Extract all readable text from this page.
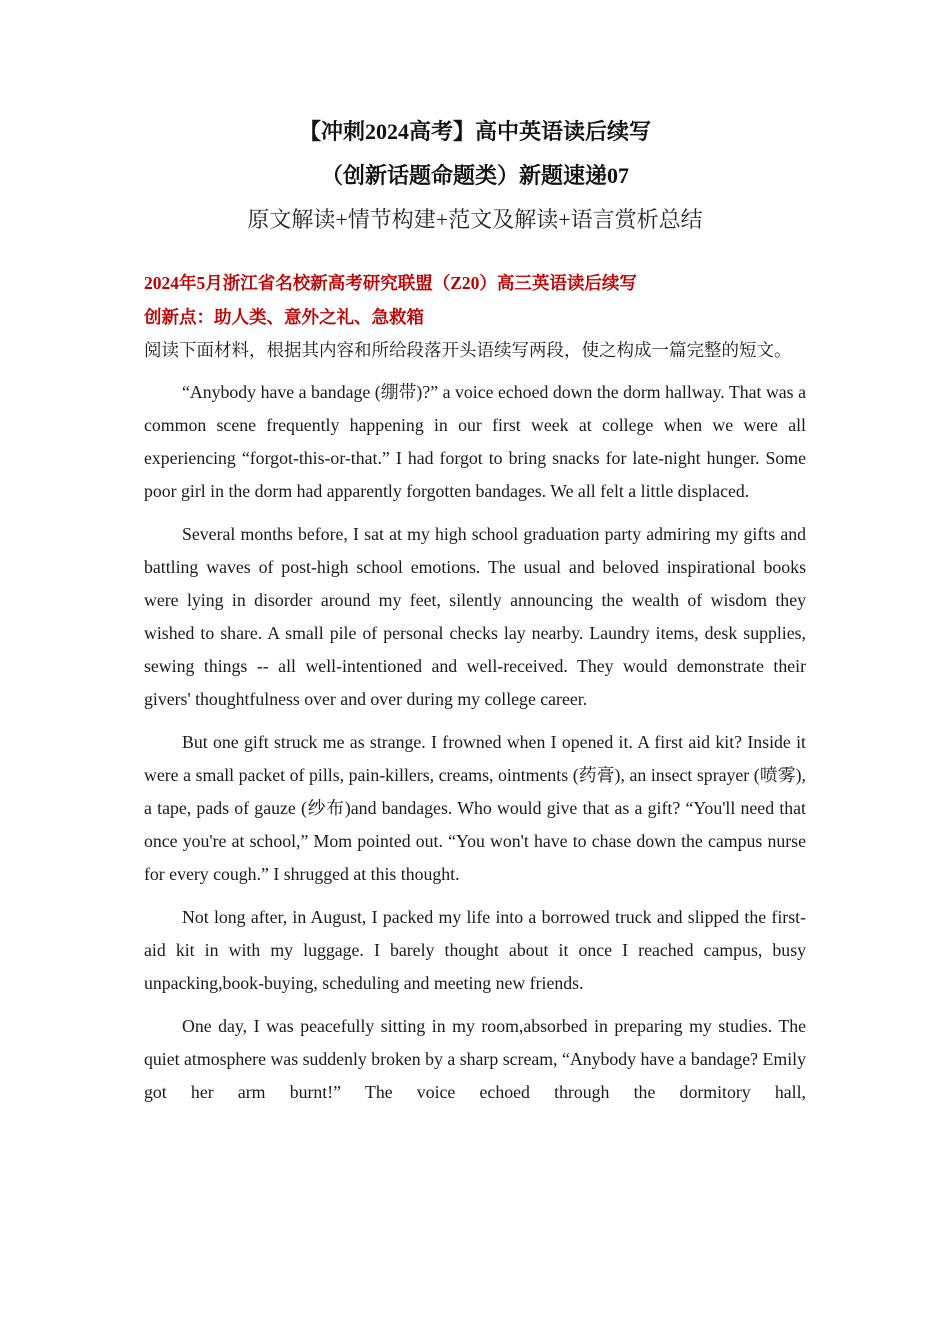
【冲刺2024高考】高中英语读后续写
（创新话题命题类）新题速递07
原文解读+情节构建+范文及解读+语言赏析总结
2024年5月浙江省名校新高考研究联盟（Z20）高三英语读后续写
创新点：助人类、意外之礼、急救箱
阅读下面材料，根据其内容和所给段落开头语续写两段，使之构成一篇完整的短文。

“Anybody have a bandage (绷带)?” a voice echoed down the dorm hallway. That was a common scene frequently happening in our first week at college when we were all experiencing “forgot-this-or-that.” I had forgot to bring snacks for late-night hunger. Some poor girl in the dorm had apparently forgotten bandages. We all felt a little displaced.

Several months before, I sat at my high school graduation party admiring my gifts and battling waves of post-high school emotions. The usual and beloved inspirational books were lying in disorder around my feet, silently announcing the wealth of wisdom they wished to share. A small pile of personal checks lay nearby. Laundry items, desk supplies, sewing things -- all well-intentioned and well-received. They would demonstrate their givers' thoughtfulness over and over during my college career.

But one gift struck me as strange. I frowned when I opened it. A first aid kit? Inside it were a small packet of pills, pain-killers, creams, ointments (药膏), an insect sprayer (喷雾), a tape, pads of gauze (纱布)and bandages. Who would give that as a gift? “You'll need that once you're at school,” Mom pointed out. “You won't have to chase down the campus nurse for every cough.” I shrugged at this thought.

Not long after, in August, I packed my life into a borrowed truck and slipped the first-aid kit in with my luggage. I barely thought about it once I reached campus, busy unpacking,book-buying, scheduling and meeting new friends.

One day, I was peacefully sitting in my room,absorbed in preparing my studies. The quiet atmosphere was suddenly broken by a sharp scream, “Anybody have a bandage? Emily got her arm burnt!” The voice echoed through the dormitory hall,
